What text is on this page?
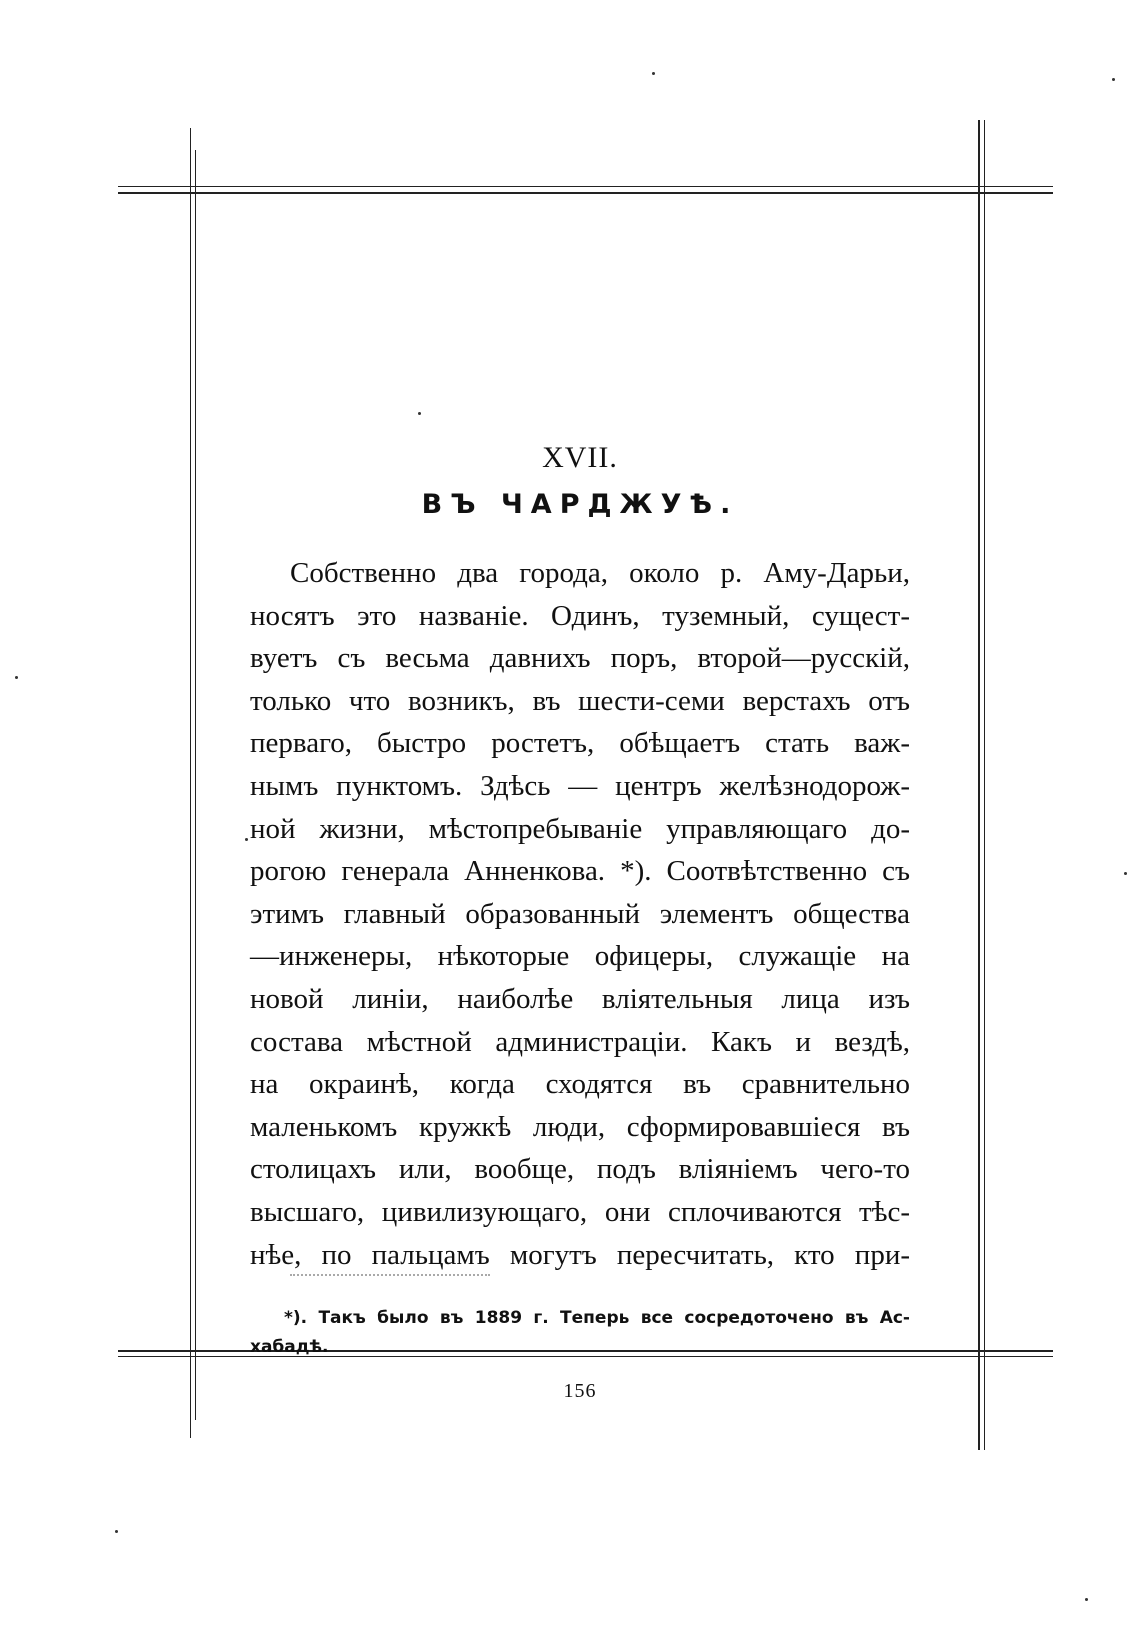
XVII.
ВЪ ЧАРДЖУѢ.
Собственно два города, около р. Аму-Дарьи,
носятъ это названiе. Одинъ, туземный, сущест-
вуетъ съ весьма давнихъ поръ, второй—русскiй,
только что возникъ, въ шести-семи верстахъ отъ
перваго, быстро ростетъ, обѣщаетъ стать важ-
нымъ пунктомъ. Здѣсь — центръ желѣзнодорож-
ной жизни, мѣстопребыванiе управляющаго до-
рогою генерала Анненкова. *). Соотвѣтственно съ
этимъ главный образованный элементъ общества
—инженеры, нѣкоторые офицеры, служащiе на
новой линiи, наиболѣе влiятельныя лица изъ
состава мѣстной администрацiи. Какъ и вездѣ,
на окраинѣ, когда сходятся въ сравнительно
маленькомъ кружкѣ люди, сформировавшiеся въ
столицахъ или, вообще, подъ влiянiемъ чего-то
высшаго, цивилизующаго, они сплочиваются тѣс-
нѣе, по пальцамъ могутъ пересчитать, кто при-
*). Такъ было въ 1889 г. Теперь все сосредоточено въ Ас-
хабадѣ.
156
